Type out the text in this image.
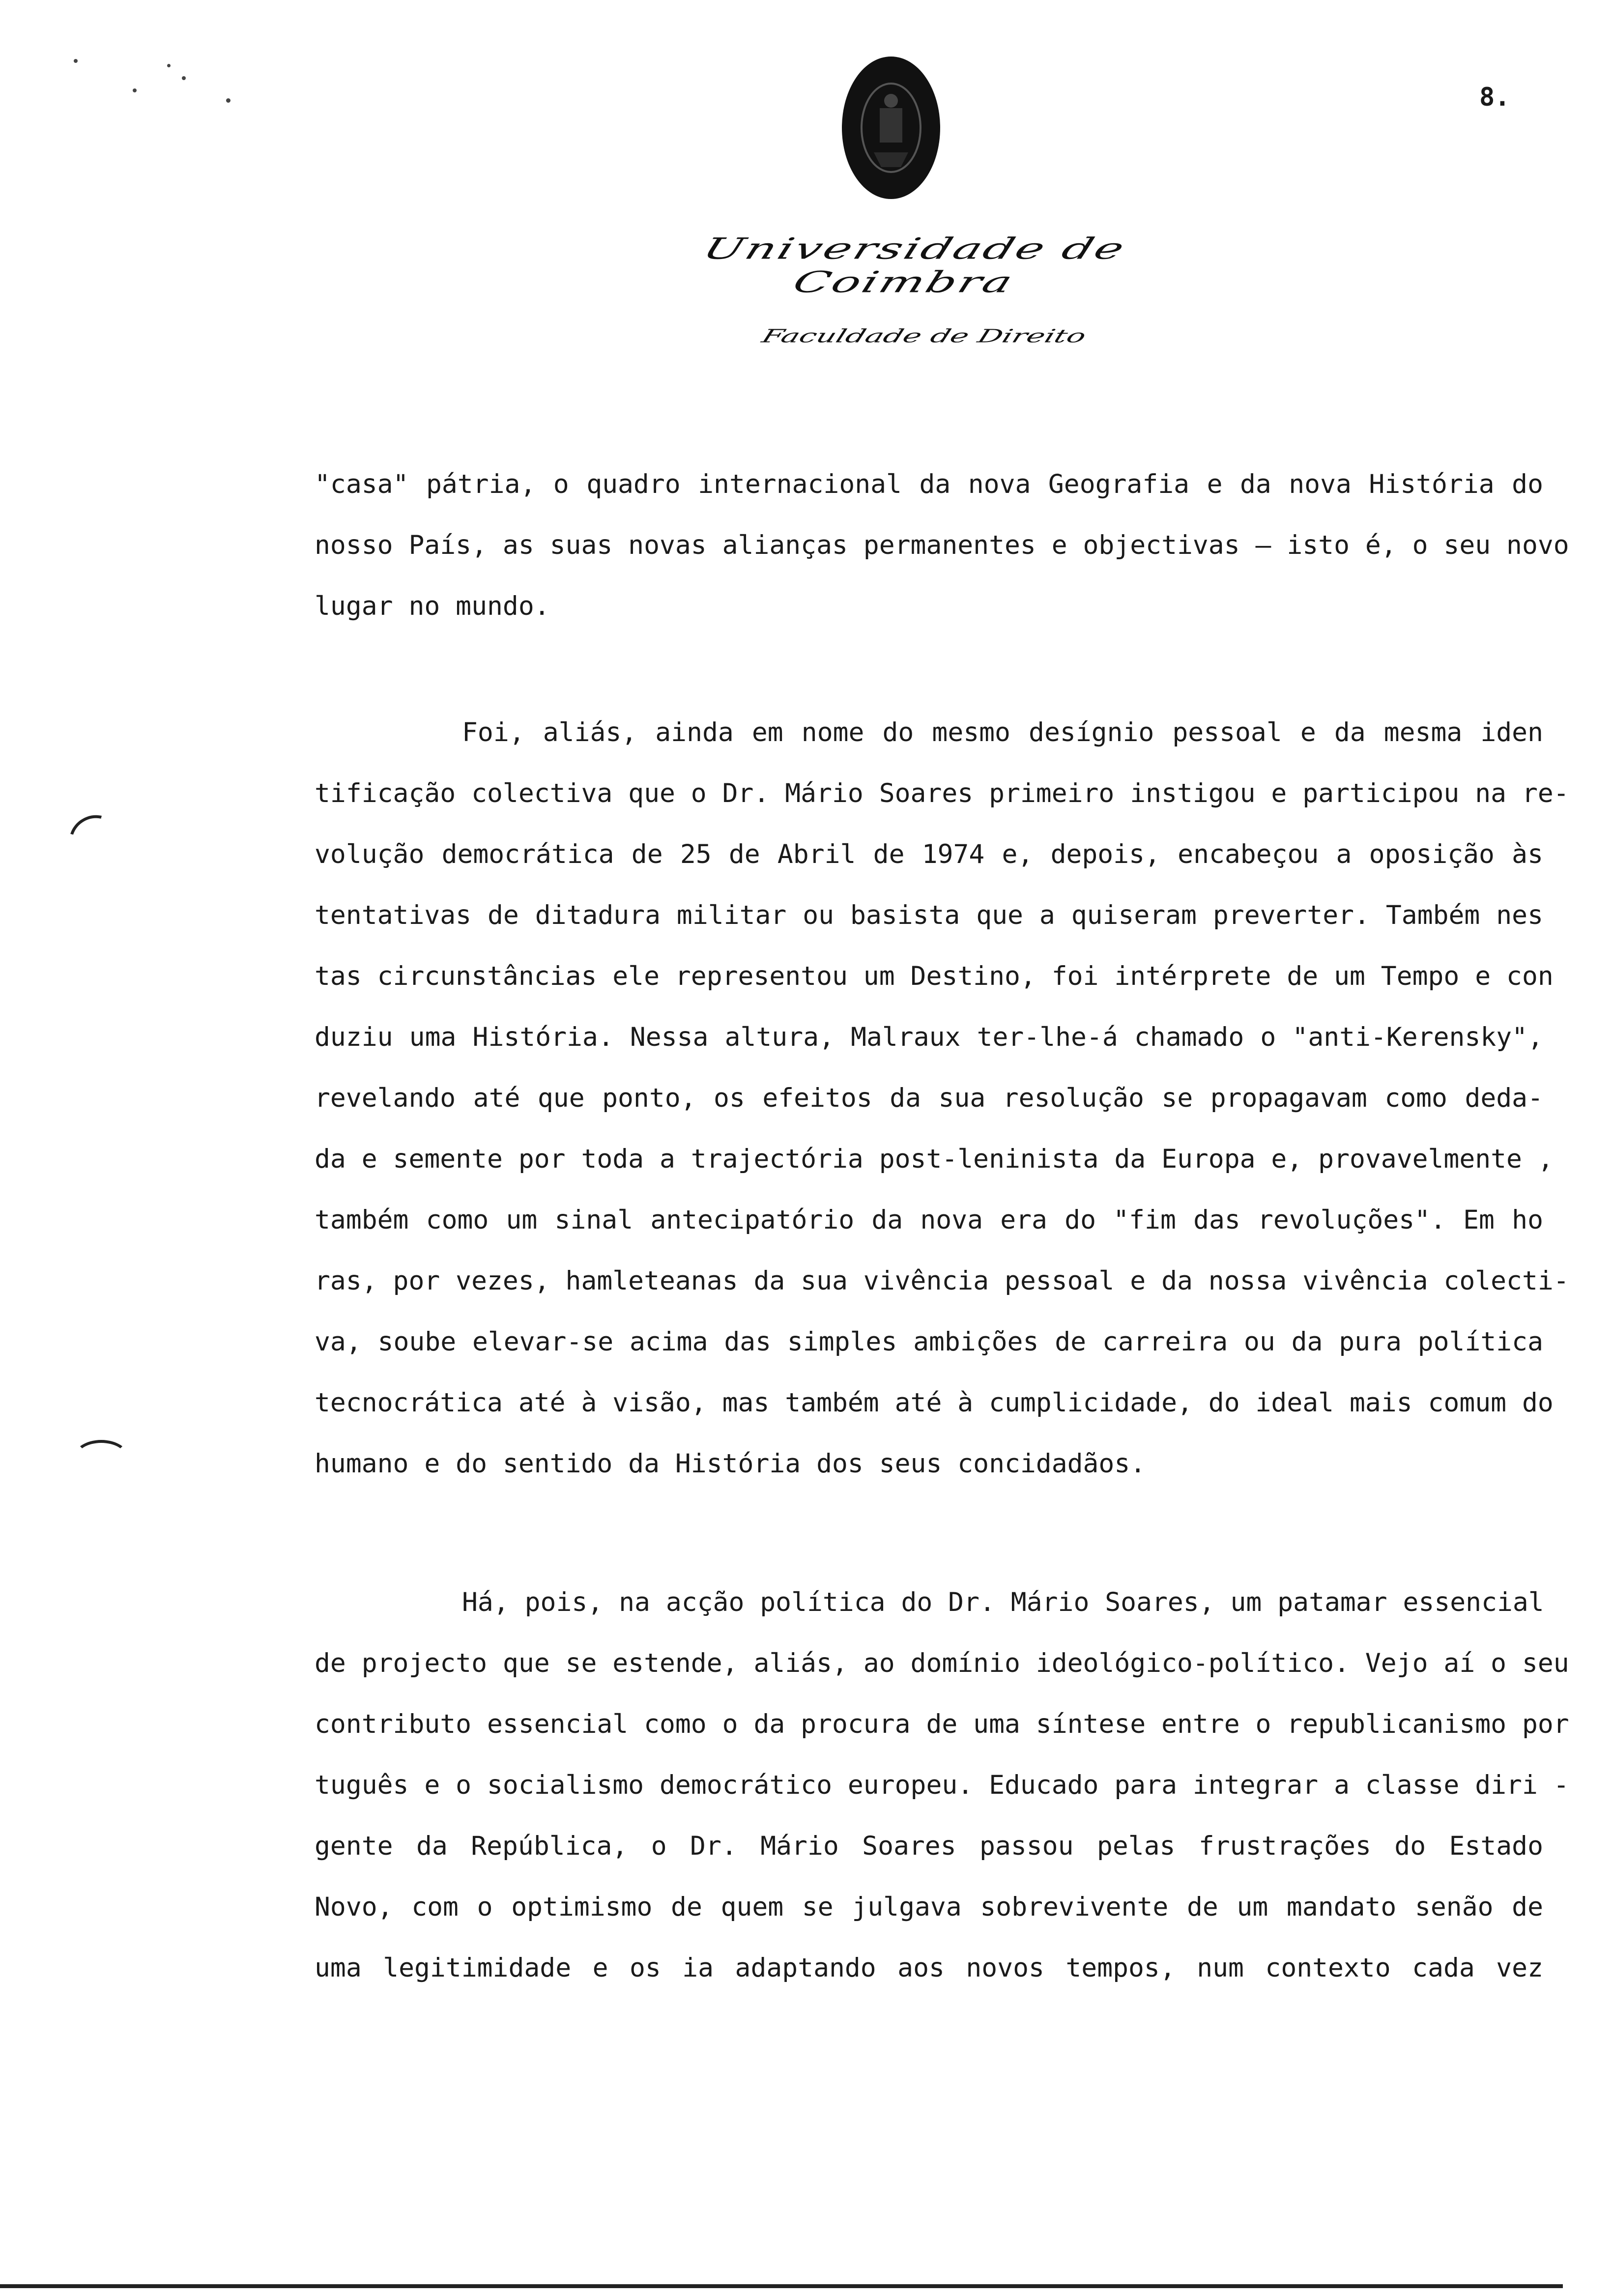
Universidade de Coimbra
Faculdade de Direito
8.
"casa" pátria, o quadro internacional da nova Geografia e da nova História do
nosso País, as suas novas alianças permanentes e objectivas – isto é, o seu novo
lugar no mundo.
Foi, aliás, ainda em nome do mesmo desígnio pessoal e da mesma iden
tificação colectiva que o Dr. Mário Soares primeiro instigou e participou na re-
volução democrática de 25 de Abril de 1974 e, depois, encabeçou a oposição às
tentativas de ditadura militar ou basista que a quiseram preverter. Também nes
tas circunstâncias ele representou um Destino, foi intérprete de um Tempo e con
duziu uma História. Nessa altura, Malraux ter-lhe-á chamado o "anti-Kerensky",
revelando até que ponto, os efeitos da sua resolução se propagavam como deda-
da e semente por toda a trajectória post-leninista da Europa e, provavelmente ,
também como um sinal antecipatório da nova era do "fim das revoluções". Em ho
ras, por vezes, hamleteanas da sua vivência pessoal e da nossa vivência colecti-
va, soube elevar-se acima das simples ambições de carreira ou da pura política
tecnocrática até à visão, mas também até à cumplicidade, do ideal mais comum do
humano e do sentido da História dos seus concidadãos.
Há, pois, na acção política do Dr. Mário Soares, um patamar essencial
de projecto que se estende, aliás, ao domínio ideológico-político. Vejo aí o seu
contributo essencial como o da procura de uma síntese entre o republicanismo por
tuguês e o socialismo democrático europeu. Educado para integrar a classe diri -
gente da República, o Dr. Mário Soares passou pelas frustrações do Estado
Novo, com o optimismo de quem se julgava sobrevivente de um mandato senão de
uma legitimidade e os ia adaptando aos novos tempos, num contexto cada vez
